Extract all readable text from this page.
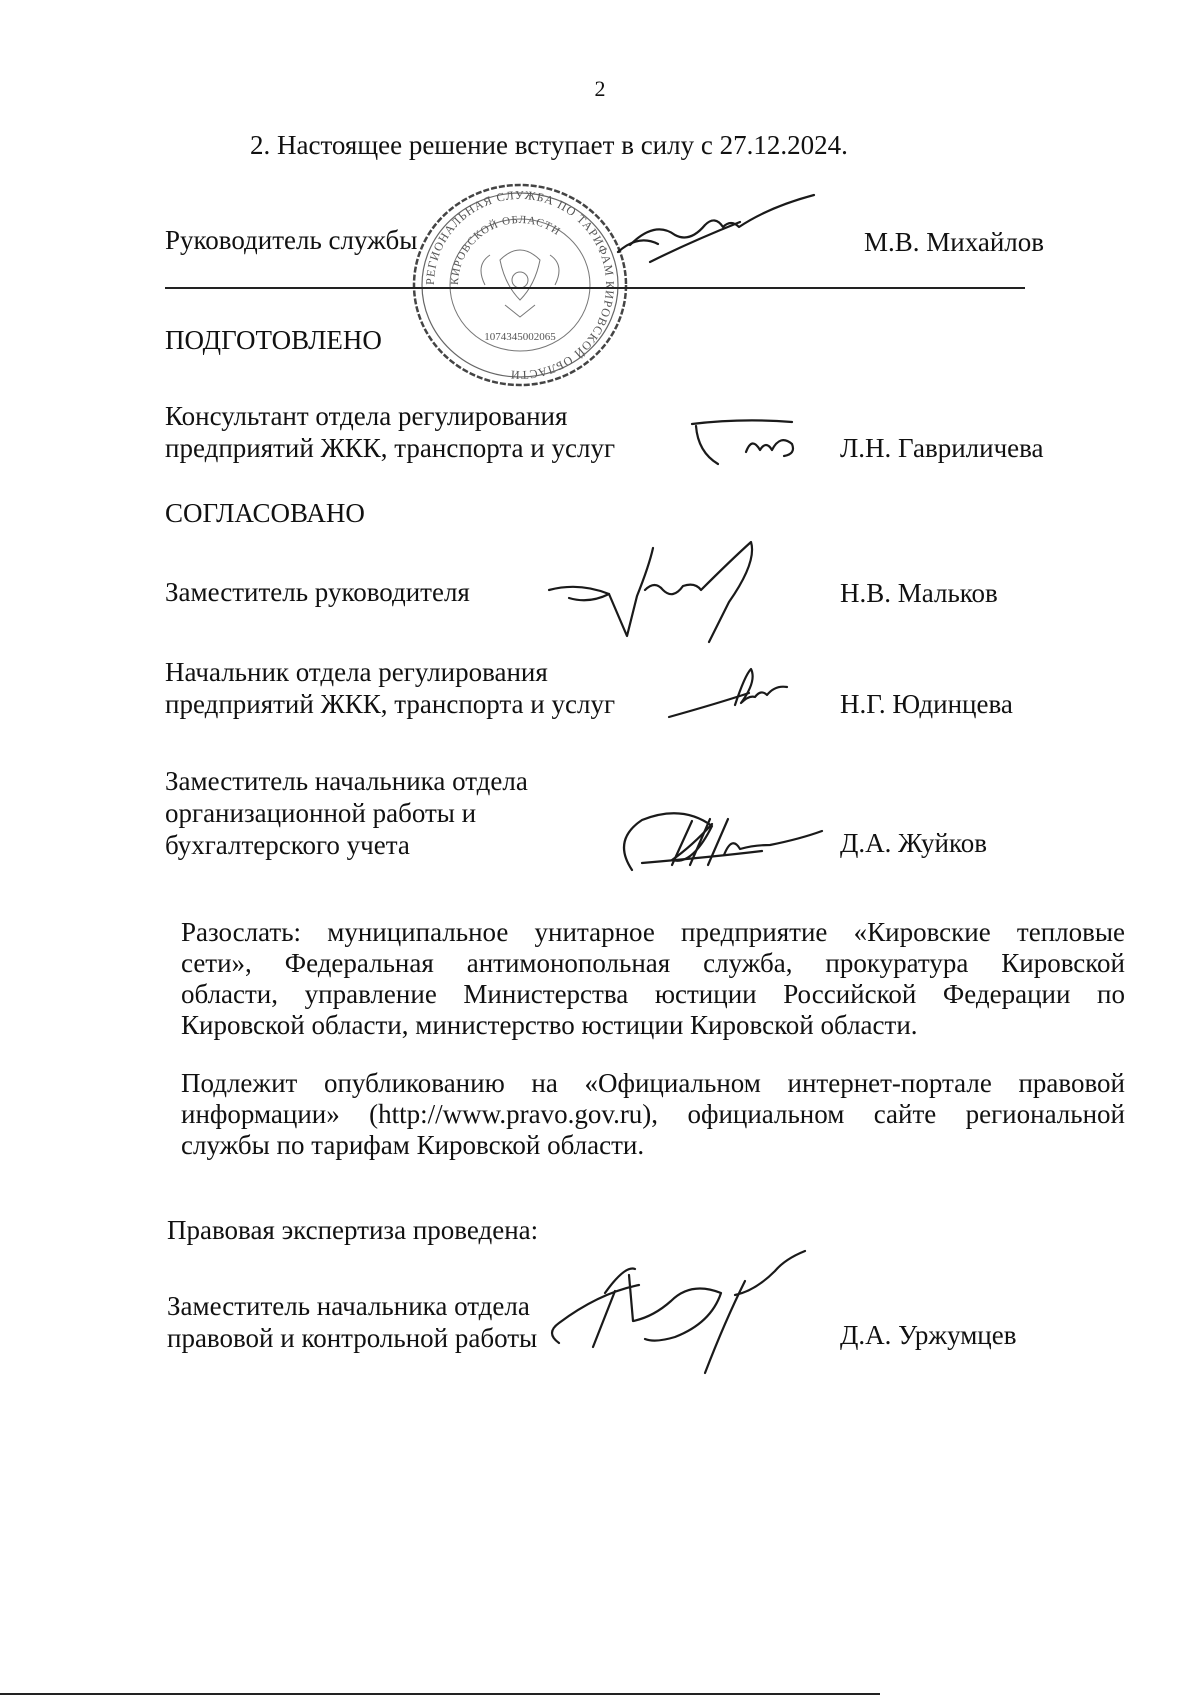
2
2. Настоящее решение вступает в силу с 27.12.2024.
РЕГИОНАЛЬНАЯ СЛУЖБА ПО ТАРИФАМ КИРОВСКОЙ ОБЛАСТИ
КИРОВСКОЙ ОБЛАСТИ
1074345002065
Руководитель службы	М.В. Михайлов
ПОДГОТОВЛЕНО
Консультант отдела регулирования
предприятий ЖКК, транспорта и услуг	Л.Н. Гавриличева
СОГЛАСОВАНО
Заместитель руководителя	Н.В. Мальков
Начальник отдела регулирования
предприятий ЖКК, транспорта и услуг	Н.Г. Юдинцева
Заместитель начальника отдела
организационной работы и
бухгалтерского учета	Д.А. Жуйков
Разослать: муниципальное унитарное предприятие «Кировские тепловые
сети», Федеральная антимонопольная служба, прокуратура Кировской
области, управление Министерства юстиции Российской Федерации по
Кировской области, министерство юстиции Кировской области.
Подлежит опубликованию на «Официальном интернет-портале правовой
информации» (http://www.pravo.gov.ru), официальном сайте региональной
службы по тарифам Кировской области.
Правовая экспертиза проведена:
Заместитель начальника отдела
правовой и контрольной работы	Д.А. Уржумцев
